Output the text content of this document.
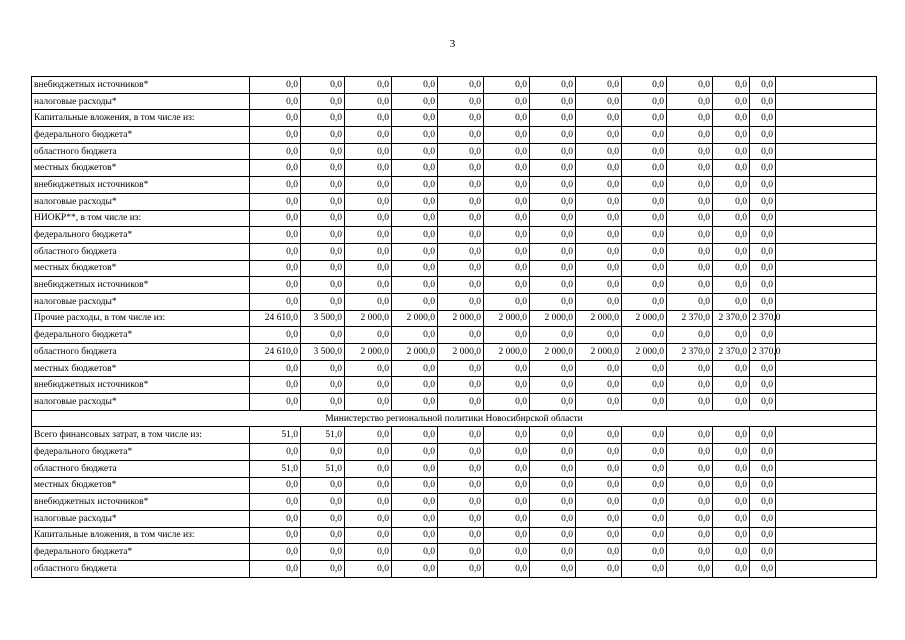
3
внебюджетных источников*	0,0	0,0	0,0	0,0	0,0	0,0	0,0	0,0	0,0	0,0	0,0	0,0	
налоговые расходы*	0,0	0,0	0,0	0,0	0,0	0,0	0,0	0,0	0,0	0,0	0,0	0,0	
Капитальные вложения, в том числе из:	0,0	0,0	0,0	0,0	0,0	0,0	0,0	0,0	0,0	0,0	0,0	0,0	
федерального бюджета*	0,0	0,0	0,0	0,0	0,0	0,0	0,0	0,0	0,0	0,0	0,0	0,0	
областного бюджета	0,0	0,0	0,0	0,0	0,0	0,0	0,0	0,0	0,0	0,0	0,0	0,0	
местных бюджетов*	0,0	0,0	0,0	0,0	0,0	0,0	0,0	0,0	0,0	0,0	0,0	0,0	
внебюджетных источников*	0,0	0,0	0,0	0,0	0,0	0,0	0,0	0,0	0,0	0,0	0,0	0,0	
налоговые расходы*	0,0	0,0	0,0	0,0	0,0	0,0	0,0	0,0	0,0	0,0	0,0	0,0	
НИОКР**, в том числе из:	0,0	0,0	0,0	0,0	0,0	0,0	0,0	0,0	0,0	0,0	0,0	0,0	
федерального бюджета*	0,0	0,0	0,0	0,0	0,0	0,0	0,0	0,0	0,0	0,0	0,0	0,0	
областного бюджета	0,0	0,0	0,0	0,0	0,0	0,0	0,0	0,0	0,0	0,0	0,0	0,0	
местных бюджетов*	0,0	0,0	0,0	0,0	0,0	0,0	0,0	0,0	0,0	0,0	0,0	0,0	
внебюджетных источников*	0,0	0,0	0,0	0,0	0,0	0,0	0,0	0,0	0,0	0,0	0,0	0,0	
налоговые расходы*	0,0	0,0	0,0	0,0	0,0	0,0	0,0	0,0	0,0	0,0	0,0	0,0	
Прочие расходы, в том числе из:	24 610,0	3 500,0	2 000,0	2 000,0	2 000,0	2 000,0	2 000,0	2 000,0	2 000,0	2 370,0	2 370,0	2 370,0	
федерального бюджета*	0,0	0,0	0,0	0,0	0,0	0,0	0,0	0,0	0,0	0,0	0,0	0,0	
областного бюджета	24 610,0	3 500,0	2 000,0	2 000,0	2 000,0	2 000,0	2 000,0	2 000,0	2 000,0	2 370,0	2 370,0	2 370,0	
местных бюджетов*	0,0	0,0	0,0	0,0	0,0	0,0	0,0	0,0	0,0	0,0	0,0	0,0	
внебюджетных источников*	0,0	0,0	0,0	0,0	0,0	0,0	0,0	0,0	0,0	0,0	0,0	0,0	
налоговые расходы*	0,0	0,0	0,0	0,0	0,0	0,0	0,0	0,0	0,0	0,0	0,0	0,0	
Министерство региональной политики Новосибирской области													
Всего финансовых затрат, в том числе из:	51,0	51,0	0,0	0,0	0,0	0,0	0,0	0,0	0,0	0,0	0,0	0,0	
федерального бюджета*	0,0	0,0	0,0	0,0	0,0	0,0	0,0	0,0	0,0	0,0	0,0	0,0	
областного бюджета	51,0	51,0	0,0	0,0	0,0	0,0	0,0	0,0	0,0	0,0	0,0	0,0	
местных бюджетов*	0,0	0,0	0,0	0,0	0,0	0,0	0,0	0,0	0,0	0,0	0,0	0,0	
внебюджетных источников*	0,0	0,0	0,0	0,0	0,0	0,0	0,0	0,0	0,0	0,0	0,0	0,0	
налоговые расходы*	0,0	0,0	0,0	0,0	0,0	0,0	0,0	0,0	0,0	0,0	0,0	0,0	
Капитальные вложения, в том числе из:	0,0	0,0	0,0	0,0	0,0	0,0	0,0	0,0	0,0	0,0	0,0	0,0	
федерального бюджета*	0,0	0,0	0,0	0,0	0,0	0,0	0,0	0,0	0,0	0,0	0,0	0,0	
областного бюджета	0,0	0,0	0,0	0,0	0,0	0,0	0,0	0,0	0,0	0,0	0,0	0,0	
